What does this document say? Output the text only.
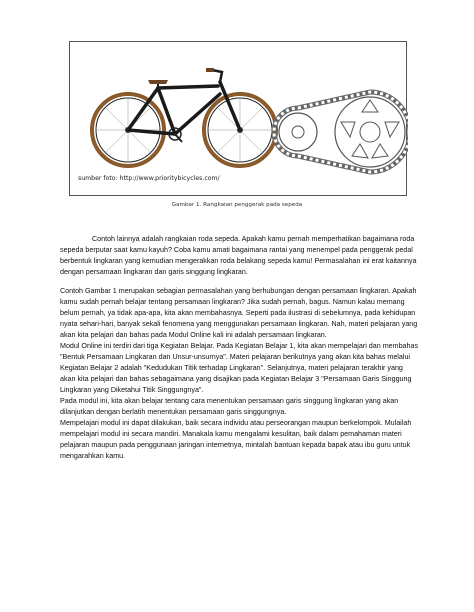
sumber foto: http://www.prioritybicycles.com/
Gambar 1. Rangkaian penggerak pada sepeda

Contoh lainnya adalah rangkaian roda sepeda. Apakah kamu pernah memperhatikan bagaimana roda sepeda berputar saat kamu kayuh? Coba kamu amati bagaimana rantai yang menempel pada penggerak pedal berbentuk lingkaran yang kemudian mengerakkan roda belakang sepeda kamu! Permasalahan ini erat kaitannya dengan persamaan lingkaran dan garis singgung lingkaran.

Contoh Gambar 1 merupakan sebagian permasalahan yang berhubungan dengan persamaan lingkaran. Apakah kamu sudah pernah belajar tentang persamaan lingkaran? Jika sudah pernah, bagus. Namun kalau memang belum pernah, ya tidak apa-apa, kita akan membahasnya. Seperti pada ilustrasi di sebelumnya, pada kehidupan nyata sehari-hari, banyak sekali fenomena yang menggunakan persamaan lingkaran. Nah, materi pelajaran yang akan kita pelajari dan bahas pada Modul Online kali ini adalah persamaan lingkaran.

Modul Online ini terdiri dari tiga Kegiatan Belajar. Pada Kegiatan Belajar 1, kita akan mempelajari dan membahas "Bentuk Persamaan Lingkaran dan Unsur-unsurnya". Materi pelajaran berikutnya yang akan kita bahas melalui Kegiatan Belajar 2 adalah "Kedudukan Titik terhadap Lingkaran". Selanjutnya, materi pelajaran terakhir yang akan kita pelajari dan bahas sebagaimana yang disajikan pada Kegiatan Belajar 3 "Persamaan Garis Singgung Lingkaran yang Diketahui Titik Singgungnya".

Pada modul ini, kita akan belajar tentang cara menentukan persamaan garis singgung lingkaran yang akan dilanjutkan dengan berlatih menentukan persamaan garis singgungnya.

Mempelajari modul ini dapat dilakukan, baik secara individu atau perseorangan maupun berkelompok. Mulailah mempelajari modul ini secara mandiri. Manakala kamu mengalami kesulitan, baik dalam pemahaman materi pelajaran maupun pada penggunaan jaringan internetnya, mintalah bantuan kepada bapak atau ibu guru untuk mengarahkan kamu.
